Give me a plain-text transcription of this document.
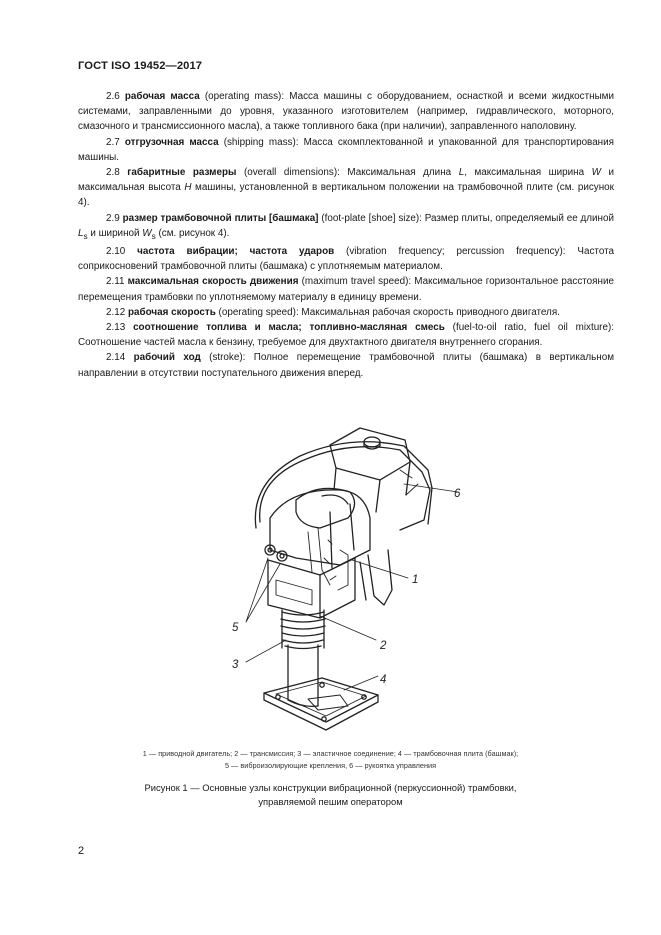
ГОСТ ISO 19452—2017

2.6 рабочая масса (operating mass): Масса машины с оборудованием, оснасткой и всеми жидкостными системами, заправленными до уровня, указанного изготовителем (например, гидравлического, моторного, смазочного и трансмиссионного масла), а также топливного бака (при наличии), заправленного наполовину.

2.7 отгрузочная масса (shipping mass): Масса скомплектованной и упакованной для транспортирования машины.

2.8 габаритные размеры (overall dimensions): Максимальная длина L, максимальная ширина W и максимальная высота H машины, установленной в вертикальном положении на трамбовочной плите (см. рисунок 4).

2.9 размер трамбовочной плиты [башмака] (foot-plate [shoe] size): Размер плиты, определяемый ее длиной $L_s$ и шириной $W_s$ (см. рисунок 4).

2.10 частота вибрации; частота ударов (vibration frequency; percussion frequency): Частота соприкосновений трамбовочной плиты (башмака) с уплотняемым материалом.

2.11 максимальная скорость движения (maximum travel speed): Максимальное горизонтальное расстояние перемещения трамбовки по уплотняемому материалу в единицу времени.

2.12 рабочая скорость (operating speed): Максимальная рабочая скорость приводного двигателя.

2.13 соотношение топлива и масла; топливно-масляная смесь (fuel-to-oil ratio, fuel oil mixture): Соотношение частей масла к бензину, требуемое для двухтактного двигателя внутреннего сгорания.

2.14 рабочий ход (stroke): Полное перемещение трамбовочной плиты (башмака) в вертикальном направлении в отсутствии поступательного движения вперед.

1
2
3
4
5
6
1 — приводной двигатель; 2 — трансмиссия; 3 — эластичное соединение; 4 — трамбовочная плита (башмак);
5 — виброизолирующие крепления, 6 — рукоятка управления
Рисунок 1 — Основные узлы конструкции вибрационной (перкуссионной) трамбовки,
управляемой пешим оператором
2
